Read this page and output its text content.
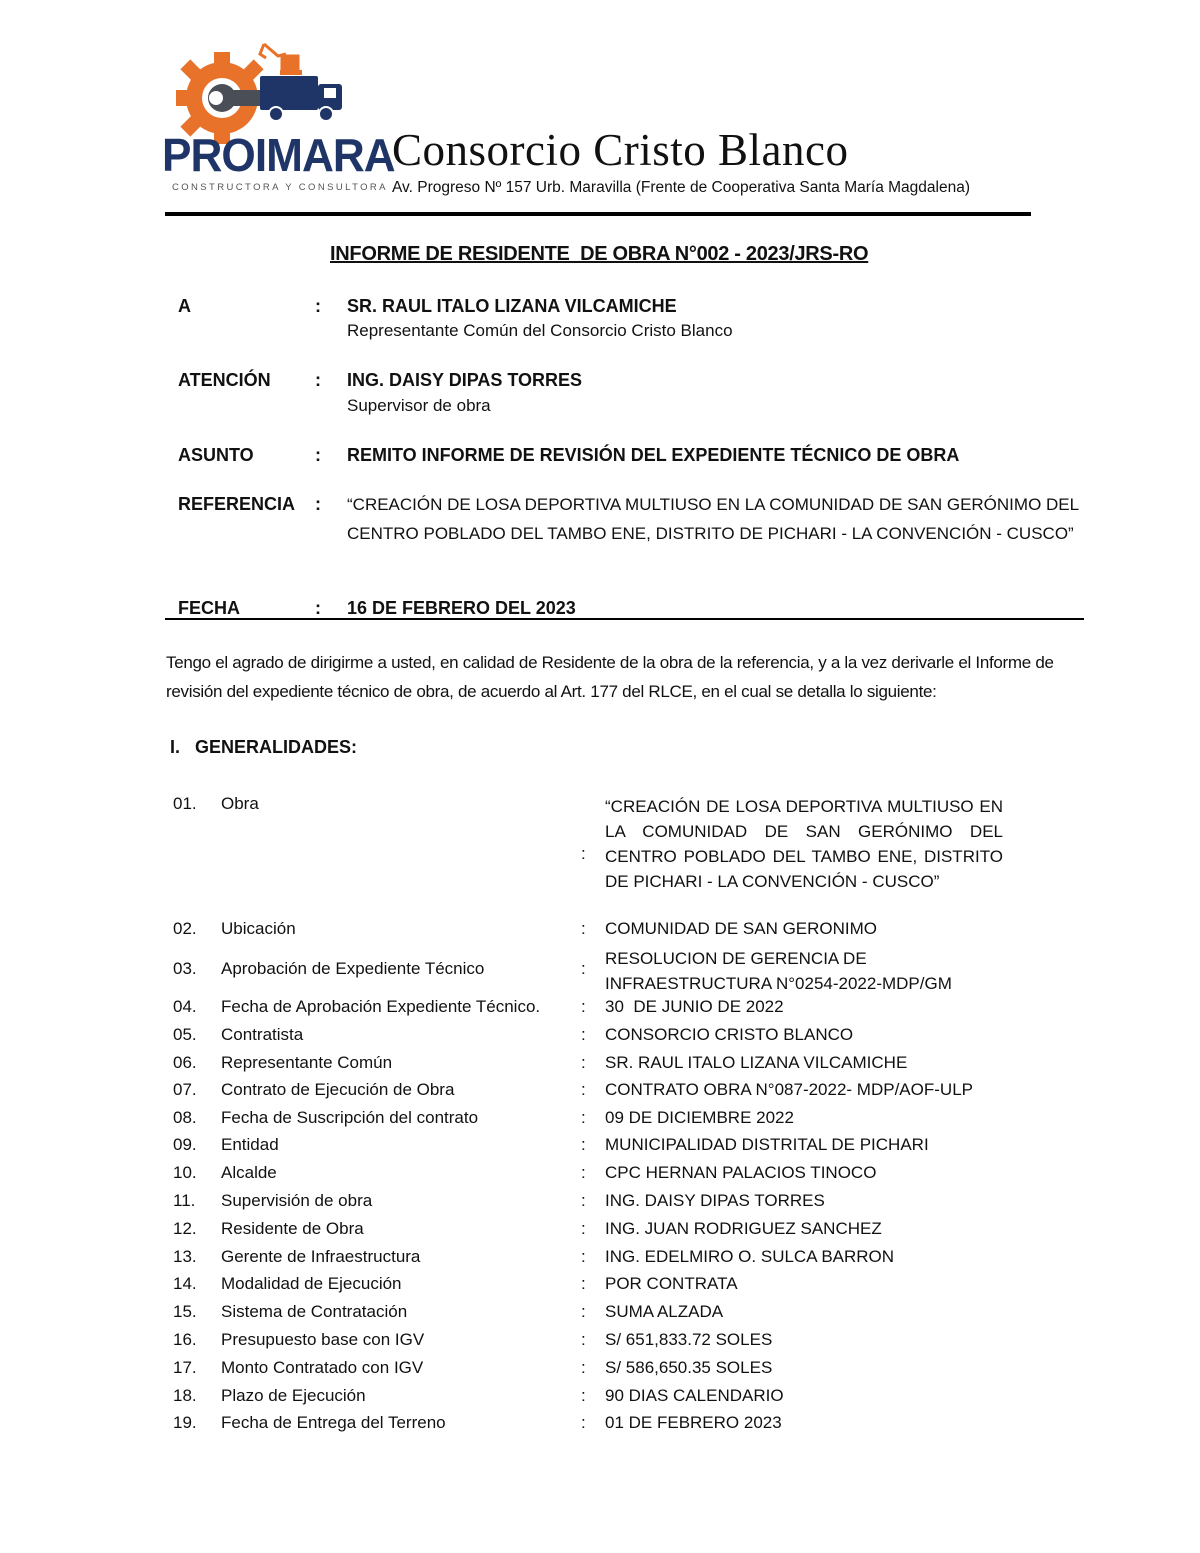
PROIMARA
CONSTRUCTORA Y CONSULTORA
Consorcio Cristo Blanco
Av. Progreso Nº 157 Urb. Maravilla (Frente de Cooperativa Santa María Magdalena)
INFORME DE RESIDENTE  DE OBRA N°002 - 2023/JRS-RO
A	: SR. RAUL ITALO LIZANA VILCAMICHE
Representante Común del Consorcio Cristo Blanco
ATENCIÓN : ING. DAISY DIPAS TORRES
Supervisor de obra
ASUNTO	: REMITO INFORME DE REVISIÓN DEL EXPEDIENTE TÉCNICO DE OBRA
REFERENCIA : “CREACIÓN DE LOSA DEPORTIVA MULTIUSO EN LA COMUNIDAD DE SAN GERÓNIMO DEL CENTRO POBLADO DEL TAMBO ENE, DISTRITO DE PICHARI - LA CONVENCIÓN - CUSCO”
FECHA	: 16 DE FEBRERO DEL 2023
Tengo el agrado de dirigirme a usted, en calidad de Residente de la obra de la referencia, y a la vez derivarle el Informe de revisión del expediente técnico de obra, de acuerdo al Art. 177 del RLCE, en el cual se detalla lo siguiente:
I.   GENERALIDADES:
01. Obra
:
“CREACIÓN DE LOSA DEPORTIVA MULTIUSO EN LA COMUNIDAD DE SAN GERÓNIMO DEL CENTRO POBLADO DEL TAMBO ENE, DISTRITO DE PICHARI - LA CONVENCIÓN - CUSCO”
02. Ubicación	: COMUNIDAD DE SAN GERONIMO
03. Aprobación de Expediente Técnico	:
RESOLUCION DE GERENCIA DE INFRAESTRUCTURA N°0254-2022-MDP/GM
04. Fecha de Aprobación Expediente Técnico. : 30  DE JUNIO DE 2022
05. Contratista	: CONSORCIO CRISTO BLANCO
06. Representante Común	: SR. RAUL ITALO LIZANA VILCAMICHE
07. Contrato de Ejecución de Obra	: CONTRATO OBRA N°087-2022- MDP/AOF-ULP
08. Fecha de Suscripción del contrato	: 09 DE DICIEMBRE 2022
09. Entidad	: MUNICIPALIDAD DISTRITAL DE PICHARI
10. Alcalde	: CPC HERNAN PALACIOS TINOCO
11. Supervisión de obra	: ING. DAISY DIPAS TORRES
12. Residente de Obra	: ING. JUAN RODRIGUEZ SANCHEZ
13. Gerente de Infraestructura	: ING. EDELMIRO O. SULCA BARRON
14. Modalidad de Ejecución	: POR CONTRATA
15. Sistema de Contratación	: SUMA ALZADA
16. Presupuesto base con IGV	: S/ 651,833.72 SOLES
17. Monto Contratado con IGV	: S/ 586,650.35 SOLES
18. Plazo de Ejecución	: 90 DIAS CALENDARIO
19. Fecha de Entrega del Terreno	: 01 DE FEBRERO 2023
